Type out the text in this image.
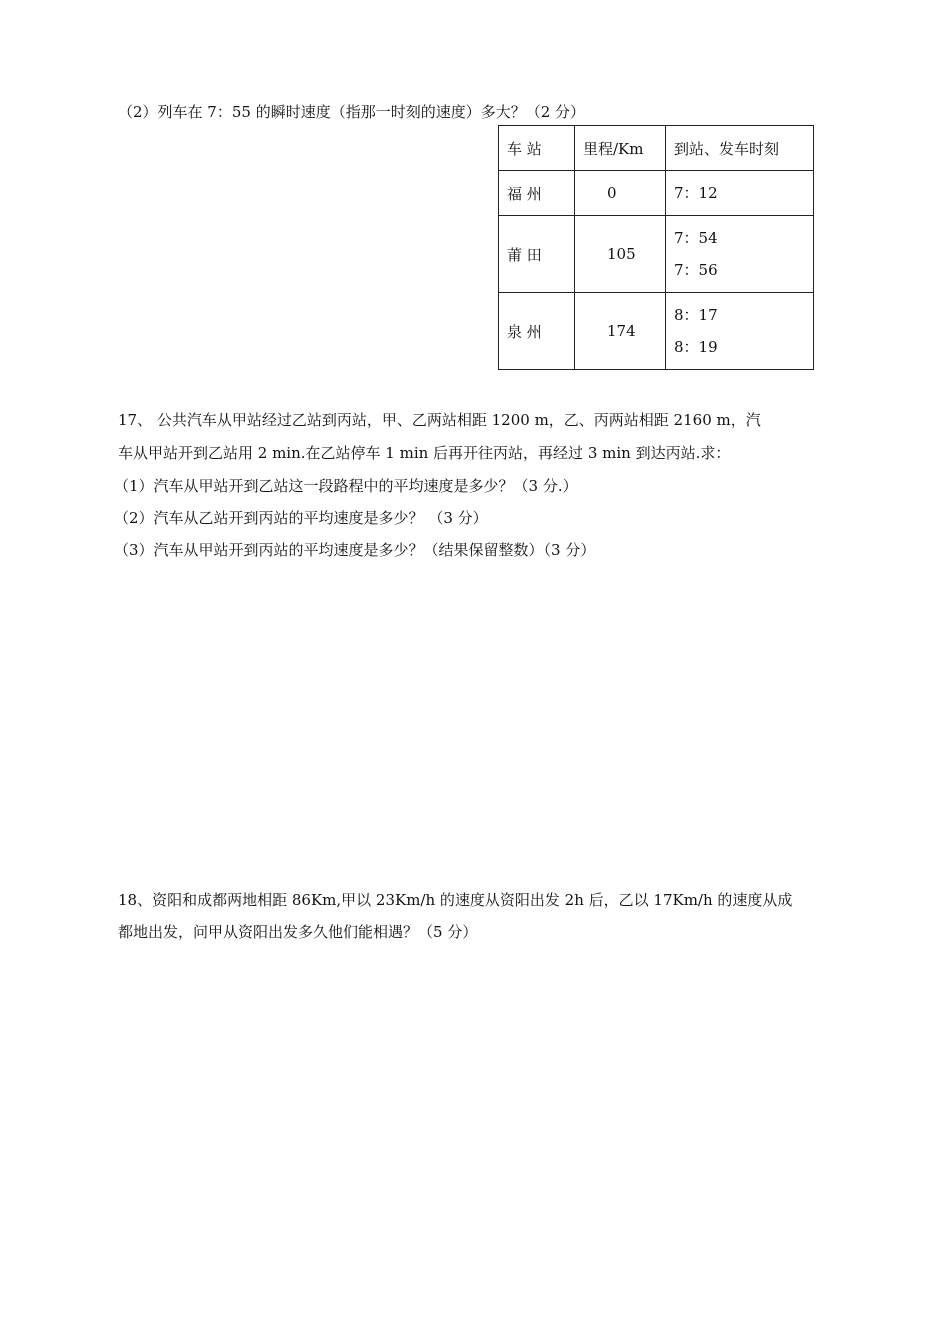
（2）列车在 7：55 的瞬时速度（指那一时刻的速度）多大？（2 分）
车 站	里程/Km	到站、发车时刻
福 州	0	7：12

莆 田	105	7：54
7：56

泉 州	174	8：17
8：19
17、 公共汽车从甲站经过乙站到丙站，甲、乙两站相距 1200 m，乙、丙两站相距 2160 m，汽
车从甲站开到乙站用 2 min.在乙站停车 1 min 后再开往丙站，再经过 3 min 到达丙站.求：
（1）汽车从甲站开到乙站这一段路程中的平均速度是多少？（3 分.）
（2）汽车从乙站开到丙站的平均速度是多少？ （3 分）
（3）汽车从甲站开到丙站的平均速度是多少？（结果保留整数）（3 分）
18、资阳和成都两地相距 86Km,甲以 23Km/h 的速度从资阳出发 2h 后，乙以 17Km/h 的速度从成
都地出发，问甲从资阳出发多久他们能相遇？（5 分）
